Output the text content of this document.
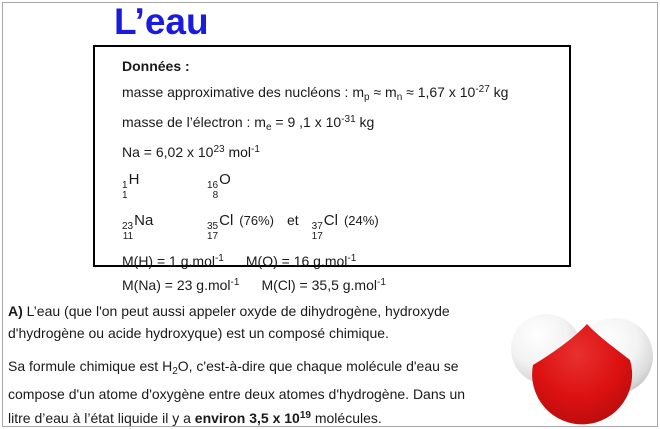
L’eau
Données :
masse approximative des nucléons : $m_p \approx m_n \approx 1,67$ x $10^{-27}$ kg
masse de l’électron : $m_e = 9$ ,1 x $10^{-31}$ kg
Na = 6,02 x $10^{23}$ mol$^{-1}$
1
1
H	16
8
O
23
11
Na	35
17
Cl (76%) et 37
17
Cl (24%)
M(H) = 1 g.mol$^{-1}$ M(O) = 16 g.mol$^{-1}$
M(Na) = 23 g.mol$^{-1}$ M(Cl) = 35,5 g.mol$^{-1}$
A) L’eau (que l'on peut aussi appeler oxyde de dihydrogène, hydroxyde
d'hydrogène ou acide hydroxyque) est un composé chimique.
Sa formule chimique est $H_2O$, c'est-à-dire que chaque molécule d'eau se
compose d'un atome d'oxygène entre deux atomes d'hydrogène. Dans un
litre d’eau à l’état liquide il y a environ 3,5 x $10^{19}$ molécules.
